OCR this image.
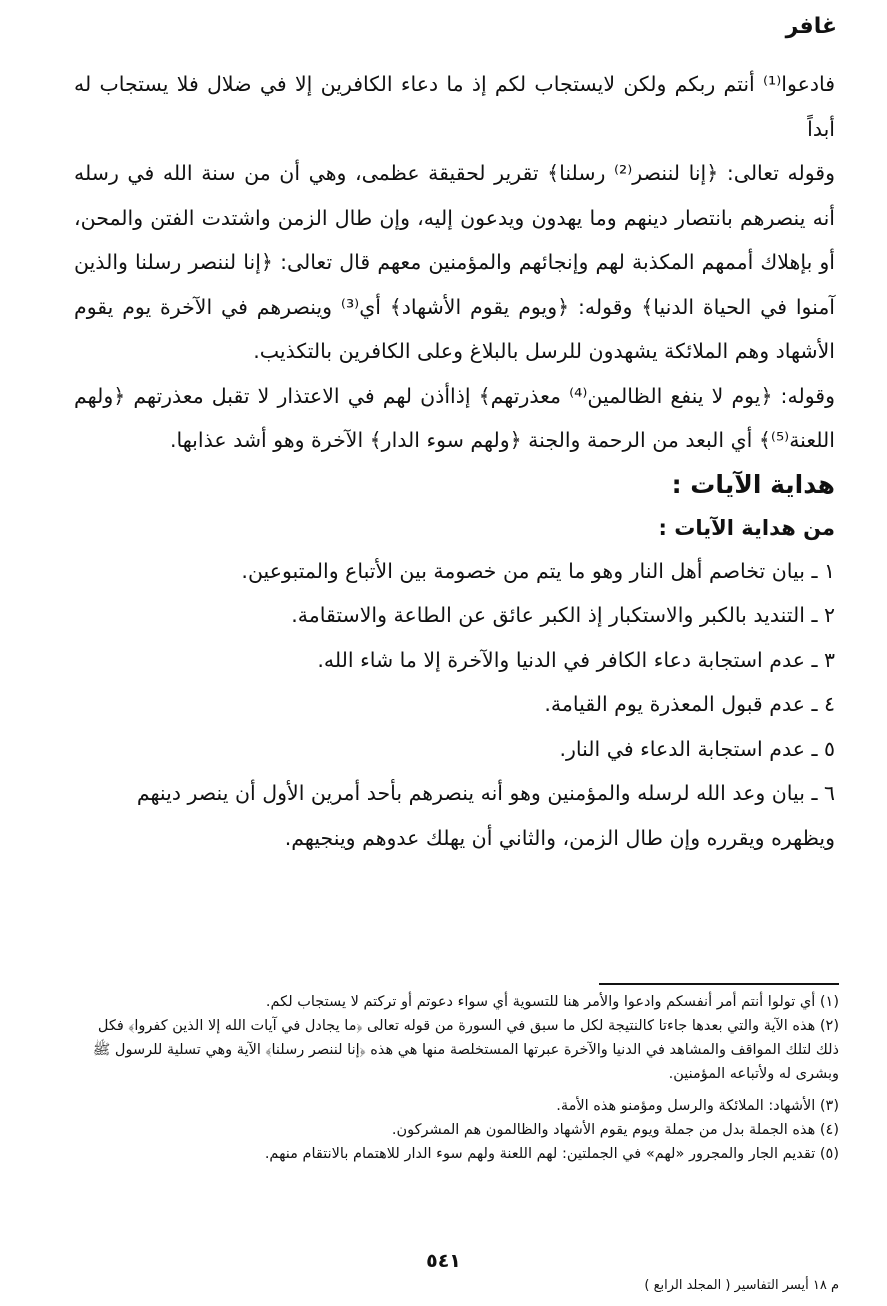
غافر

فادعوا⁽¹⁾ أنتم ربكم ولكن لايستجاب لكم إذ ما دعاء الكافرين إلا في ضلال فلا يستجاب له أبداً

وقوله تعالى: ﴿إنا لننصر⁽²⁾ رسلنا﴾ تقرير لحقيقة عظمى، وهي أن من سنة الله في رسله أنه ينصرهم بانتصار دينهم وما يهدون ويدعون إليه، وإن طال الزمن واشتدت الفتن والمحن، أو بإهلاك أممهم المكذبة لهم وإنجائهم والمؤمنين معهم قال تعالى: ﴿إنا لننصر رسلنا والذين آمنوا في الحياة الدنيا﴾ وقوله: ﴿ويوم يقوم الأشهاد﴾ أي⁽³⁾ وينصرهم في الآخرة يوم يقوم الأشهاد وهم الملائكة يشهدون للرسل بالبلاغ وعلى الكافرين بالتكذيب.

وقوله: ﴿يوم لا ينفع الظالمين⁽⁴⁾ معذرتهم﴾ إذاأذن لهم في الاعتذار لا تقبل معذرتهم ﴿ولهم اللعنة⁽⁵⁾﴾ أي البعد من الرحمة والجنة ﴿ولهم سوء الدار﴾ الآخرة وهو أشد عذابها.

هداية الآيات :
من هداية الآيات :
١ ـ بيان تخاصم أهل النار وهو ما يتم من خصومة بين الأتباع والمتبوعين.
٢ ـ التنديد بالكبر والاستكبار إذ الكبر عائق عن الطاعة والاستقامة.
٣ ـ عدم استجابة دعاء الكافر في الدنيا والآخرة إلا ما شاء الله.
٤ ـ عدم قبول المعذرة يوم القيامة.
٥ ـ عدم استجابة الدعاء في النار.
٦ ـ بيان وعد الله لرسله والمؤمنين وهو أنه ينصرهم بأحد أمرين الأول أن ينصر دينهم ويظهره ويقرره وإن طال الزمن، والثاني أن يهلك عدوهم وينجيهم.

(١) أي تولوا أنتم أمر أنفسكم وادعوا والأمر هنا للتسوية أي سواء دعوتم أو تركتم لا يستجاب لكم.

(٢) هذه الآية والتي بعدها جاءتا كالنتيجة لكل ما سبق في السورة من قوله تعالى ﴿ما يجادل في آيات الله إلا الذين كفروا﴾ فكل ذلك لتلك المواقف والمشاهد في الدنيا والآخرة عبرتها المستخلصة منها هي هذه ﴿إنا لننصر رسلنا﴾ الآية وهي تسلية للرسول ﷺ وبشرى له ولأتباعه المؤمنين.

(٣) الأشهاد: الملائكة والرسل ومؤمنو هذه الأمة.

(٤) هذه الجملة بدل من جملة ويوم يقوم الأشهاد والظالمون هم المشركون.

(٥) تقديم الجار والمجرور «لهم» في الجملتين: لهم اللعنة ولهم سوء الدار للاهتمام بالانتقام منهم.

٥٤١
م ١٨ أيسر التفاسير ( المجلد الرابع )
